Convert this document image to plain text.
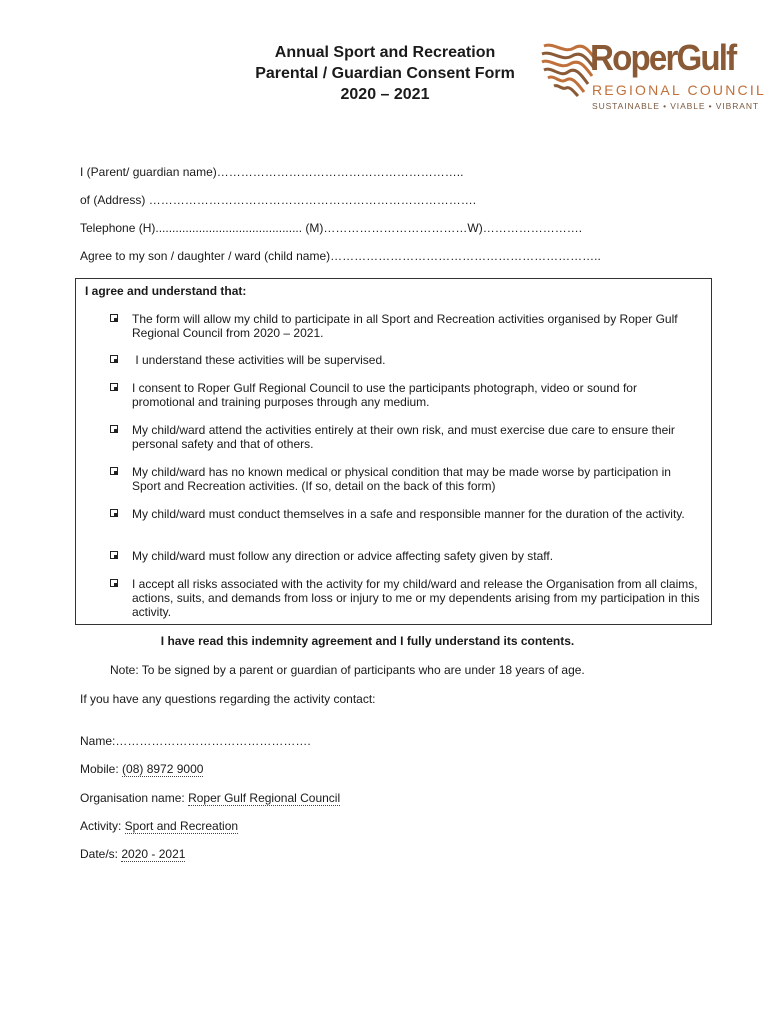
Annual Sport and Recreation
Parental / Guardian Consent Form
2020 – 2021
RoperGulf
REGIONAL COUNCIL
SUSTAINABLE • VIABLE • VIBRANT
I (Parent/ guardian name)……………………………………………………..
of (Address) ……………………………………………………………………….
Telephone (H)............................................ (M)………………………………W)…………………….
Agree to my son / daughter / ward (child name)…………………………………………………………..
I agree and understand that:
The form will allow my child to participate in all Sport and Recreation activities organised by Roper Gulf Regional Council from 2020 – 2021.
I understand these activities will be supervised.
I consent to Roper Gulf Regional Council to use the participants photograph, video or sound for promotional and training purposes through any medium.
My child/ward attend the activities entirely at their own risk, and must exercise due care to ensure their personal safety and that of others.
My child/ward has no known medical or physical condition that may be made worse by participation in Sport and Recreation activities. (If so, detail on the back of this form)
My child/ward must conduct themselves in a safe and responsible manner for the duration of the activity.
My child/ward must follow any direction or advice affecting safety given by staff.
I accept all risks associated with the activity for my child/ward and release the Organisation from all claims, actions, suits, and demands from loss or injury to me or my dependents arising from my participation in this activity.
I have read this indemnity agreement and I fully understand its contents.
Note: To be signed by a parent or guardian of participants who are under 18 years of age.
If you have any questions regarding the activity contact:
Name:………………………………………….
Mobile: (08) 8972 9000
Organisation name: Roper Gulf Regional Council
Activity: Sport and Recreation
Date/s: 2020 - 2021
